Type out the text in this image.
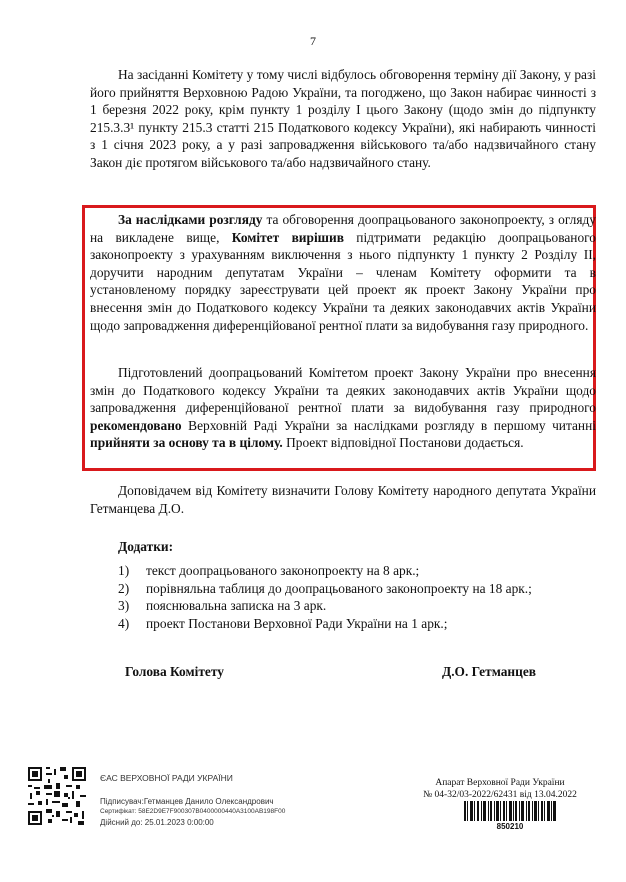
7

На засіданні Комітету у тому числі відбулось обговорення терміну дії Закону, у разі його прийняття Верховною Радою України, та погоджено, що Закон набирає чинності з 1 березня 2022 року, крім пункту 1 розділу І цього Закону (щодо змін до підпункту 215.3.3¹ пункту 215.3 статті 215 Податкового кодексу України), які набирають чинності з 1 січня 2023 року, а у разі запровадження військового та/або надзвичайного стану Закон діє протягом військового та/або надзвичайного стану.

За наслідками розгляду та обговорення доопрацьованого законопроекту, з огляду на викладене вище, Комітет вирішив підтримати редакцію доопрацьованого законопроекту з урахуванням виключення з нього підпункту 1 пункту 2 Розділу ІІ, доручити народним депутатам України – членам Комітету оформити та в установленому порядку зареєструвати цей проект як проект Закону України про внесення змін до Податкового кодексу України та деяких законодавчих актів України щодо запровадження диференційованої рентної плати за видобування газу природного.

Підготовлений доопрацьований Комітетом проект Закону України про внесення змін до Податкового кодексу України та деяких законодавчих актів України щодо запровадження диференційованої рентної плати за видобування газу природного рекомендовано Верховній Раді України за наслідками розгляду в першому читанні прийняти за основу та в цілому. Проект відповідної Постанови додається.

Доповідачем від Комітету визначити Голову Комітету народного депутата України Гетманцева Д.О.

Додатки:
1)	текст доопрацьованого законопроекту на 8 арк.;
2)	порівняльна таблиця до доопрацьованого законопроекту на 18 арк.;
3)	пояснювальна записка на 3 арк.
4)	проект Постанови Верховної Ради України на 1 арк.;
Голова Комітету	Д.О. Гетманцев
ЄАС ВЕРХОВНОЇ РАДИ УКРАЇНИ
Підписувач:Гетманцев Данило Олександрович
Сертифікат: 58E2D9E7F900307B0400000440A3100AB198F00
Дійсний до: 25.01.2023 0:00:00
Апарат Верховної Ради України
№ 04-32/03-2022/62431 від 13.04.2022
850210
